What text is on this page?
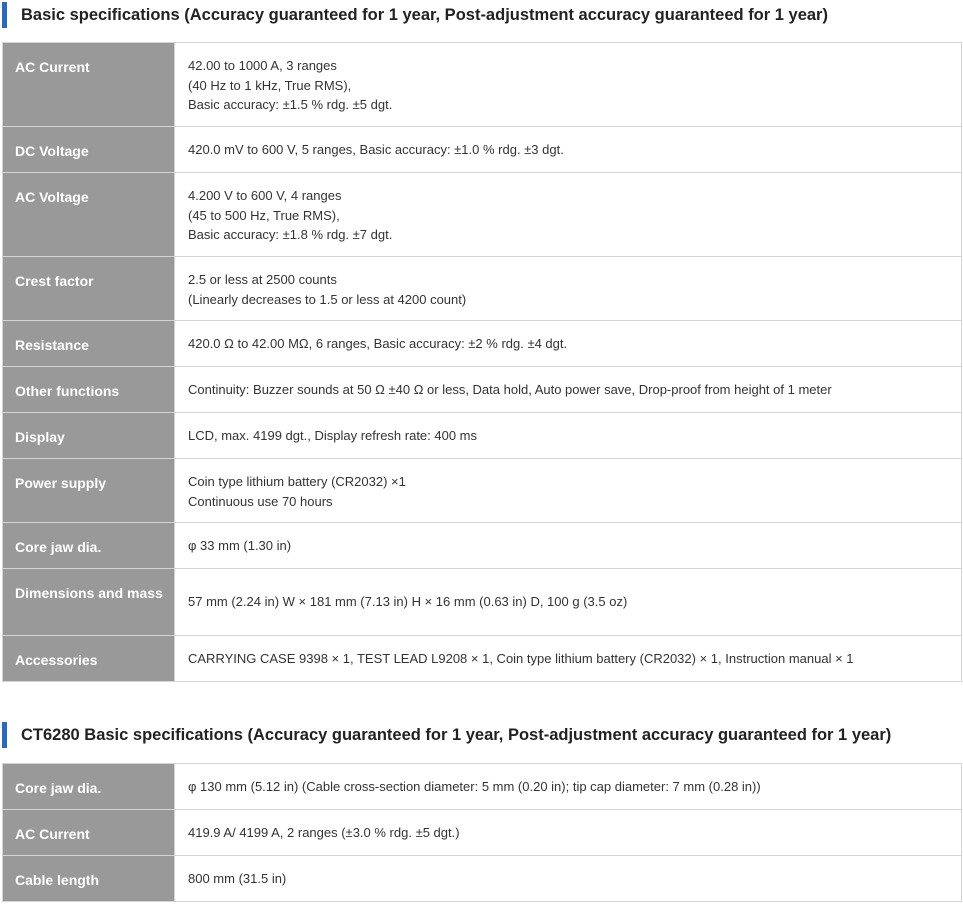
Basic specifications (Accuracy guaranteed for 1 year, Post-adjustment accuracy guaranteed for 1 year)
AC Current	42.00 to 1000 A, 3 ranges
(40 Hz to 1 kHz, True RMS),
Basic accuracy: ±1.5 % rdg. ±5 dgt.
DC Voltage	420.0 mV to 600 V, 5 ranges, Basic accuracy: ±1.0 % rdg. ±3 dgt.
AC Voltage	4.200 V to 600 V, 4 ranges
(45 to 500 Hz, True RMS),
Basic accuracy: ±1.8 % rdg. ±7 dgt.
Crest factor	2.5 or less at 2500 counts
(Linearly decreases to 1.5 or less at 4200 count)
Resistance	420.0 Ω to 42.00 MΩ, 6 ranges, Basic accuracy: ±2 % rdg. ±4 dgt.
Other functions	Continuity: Buzzer sounds at 50 Ω ±40 Ω or less, Data hold, Auto power save, Drop-proof from height of 1 meter
Display	LCD, max. 4199 dgt., Display refresh rate: 400 ms
Power supply	Coin type lithium battery (CR2032) ×1
Continuous use 70 hours
Core jaw dia.	φ 33 mm (1.30 in)
Dimensions and mass	57 mm (2.24 in) W × 181 mm (7.13 in) H × 16 mm (0.63 in) D, 100 g (3.5 oz)
Accessories	CARRYING CASE 9398 × 1, TEST LEAD L9208 × 1, Coin type lithium battery (CR2032) × 1, Instruction manual × 1
CT6280 Basic specifications (Accuracy guaranteed for 1 year, Post-adjustment accuracy guaranteed for 1 year)
Core jaw dia.	φ 130 mm (5.12 in) (Cable cross-section diameter: 5 mm (0.20 in); tip cap diameter: 7 mm (0.28 in))
AC Current	419.9 A/ 4199 A, 2 ranges (±3.0 % rdg. ±5 dgt.)
Cable length	800 mm (31.5 in)
